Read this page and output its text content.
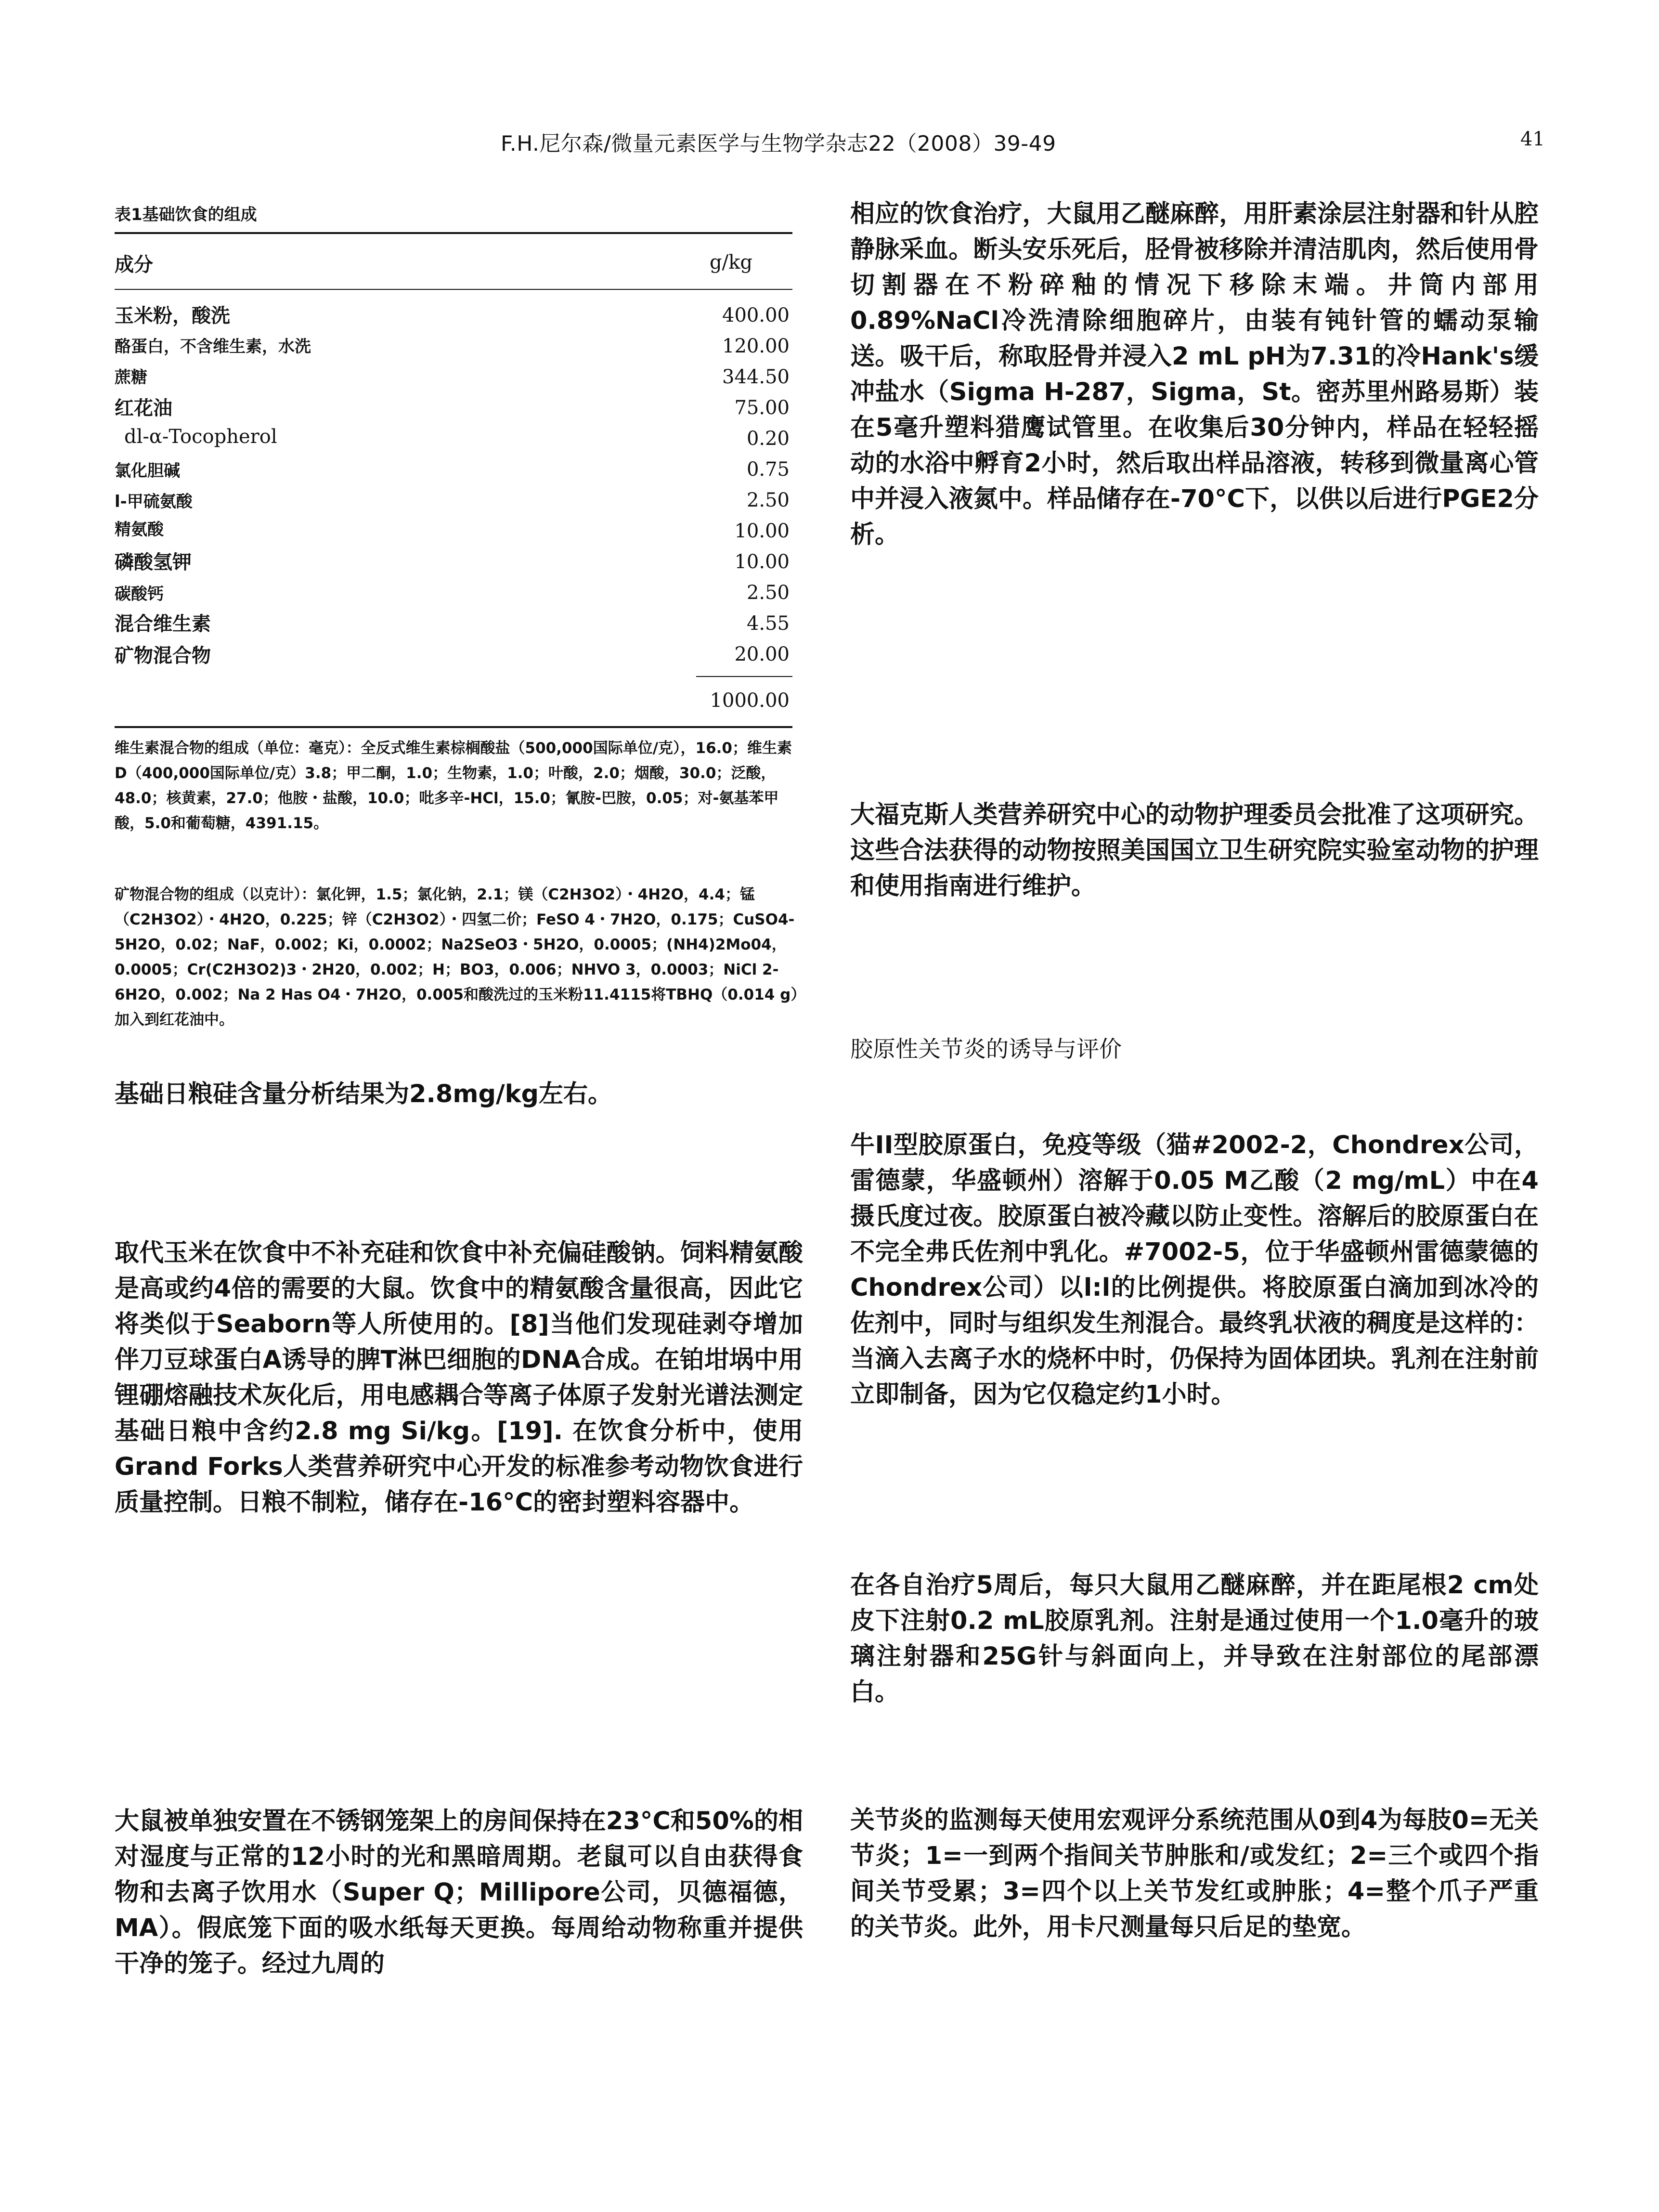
F.H.尼尔森/微量元素医学与生物学杂志22（2008）39-49	41
表1基础饮食的组成
成分	g/kg
玉米粉，酸洗	400.00
酪蛋白，不含维生素，水洗	120.00
蔗糖	344.50
红花油	75.00
dl-α-Tocopherol	0.20
氯化胆碱	0.75
l-甲硫氨酸	2.50
精氨酸	10.00
磷酸氢钾	10.00
碳酸钙	2.50
混合维生素	4.55
矿物混合物	20.00
1000.00
维生素混合物的组成（单位：毫克）：全反式维生素棕榈酸盐（500,000国际单位/克），16.0；维生素D（400,000国际单位/克）3.8；甲二酮，1.0；生物素，1.0；叶酸，2.0；烟酸，30.0；泛酸，48.0；核黄素，27.0；他胺・盐酸，10.0；吡多辛-HCl，15.0；氰胺-巴胺，0.05；对-氨基苯甲酸，5.0和葡萄糖，4391.15。
矿物混合物的组成（以克计）：氯化钾，1.5；氯化钠，2.1；镁（C2H3O2）・4H2O，4.4；锰（C2H3O2）・4H2O，0.225；锌（C2H3O2）・四氢二价；FeSO 4・7H2O，0.175；CuSO4-5H2O，0.02；NaF，0.002；Ki，0.0002；Na2SeO3・5H2O，0.0005；(NH4)2Mo04，0.0005；Cr(C2H3O2)3・2H20，0.002；H；BO3，0.006；NHVO 3，0.0003；NiCl 2-6H2O，0.002；Na 2 Has O4・7H2O，0.005和酸洗过的玉米粉11.4115将TBHQ（0.014 g）加入到红花油中。
基础日粮硅含量分析结果为2.8mg/kg左右。
取代玉米在饮食中不补充硅和饮食中补充偏硅酸钠。饲料精氨酸是高或约4倍的需要的大鼠。饮食中的精氨酸含量很高，因此它将类似于Seaborn等人所使用的。[8]当他们发现硅剥夺增加伴刀豆球蛋白A诱导的脾T淋巴细胞的DNA合成。在铂坩埚中用锂硼熔融技术灰化后，用电感耦合等离子体原子发射光谱法测定基础日粮中含约2.8 mg Si/kg。[19]. 在饮食分析中，使用Grand Forks人类营养研究中心开发的标准参考动物饮食进行质量控制。日粮不制粒，储存在-16°C的密封塑料容器中。
大鼠被单独安置在不锈钢笼架上的房间保持在23°C和50%的相对湿度与正常的12小时的光和黑暗周期。老鼠可以自由获得食物和去离子饮用水（Super Q；Millipore公司，贝德福德，MA）。假底笼下面的吸水纸每天更换。每周给动物称重并提供干净的笼子。经过九周的
相应的饮食治疗，大鼠用乙醚麻醉，用肝素涂层注射器和针从腔静脉采血。断头安乐死后，胫骨被移除并清洁肌肉，然后使用骨切割器在不粉碎釉的情况下移除末端。井筒内部用0.89%NaCl冷洗清除细胞碎片，由装有钝针管的蠕动泵输送。吸干后，称取胫骨并浸入2 mL pH为7.31的冷Hank's缓冲盐水（Sigma H-287，Sigma，St。密苏里州路易斯）装在5毫升塑料猎鹰试管里。在收集后30分钟内，样品在轻轻摇动的水浴中孵育2小时，然后取出样品溶液，转移到微量离心管中并浸入液氮中。样品储存在-70°C下，以供以后进行PGE2分析。
大福克斯人类营养研究中心的动物护理委员会批准了这项研究。这些合法获得的动物按照美国国立卫生研究院实验室动物的护理和使用指南进行维护。
胶原性关节炎的诱导与评价
牛II型胶原蛋白，免疫等级（猫#2002-2，Chondrex公司，雷德蒙，华盛顿州）溶解于0.05 M乙酸（2 mg/mL）中在4摄氏度过夜。胶原蛋白被冷藏以防止变性。溶解后的胶原蛋白在不完全弗氏佐剂中乳化。#7002-5，位于华盛顿州雷德蒙德的Chondrex公司）以l:l的比例提供。将胶原蛋白滴加到冰冷的佐剂中，同时与组织发生剂混合。最终乳状液的稠度是这样的：当滴入去离子水的烧杯中时，仍保持为固体团块。乳剂在注射前立即制备，因为它仅稳定约1小时。
在各自治疗5周后，每只大鼠用乙醚麻醉，并在距尾根2 cm处皮下注射0.2 mL胶原乳剂。注射是通过使用一个1.0毫升的玻璃注射器和25G针与斜面向上，并导致在注射部位的尾部漂白。
关节炎的监测每天使用宏观评分系统范围从0到4为每肢0=无关节炎；1=一到两个指间关节肿胀和/或发红；2=三个或四个指间关节受累；3=四个以上关节发红或肿胀；4=整个爪子严重的关节炎。此外，用卡尺测量每只后足的垫宽。
